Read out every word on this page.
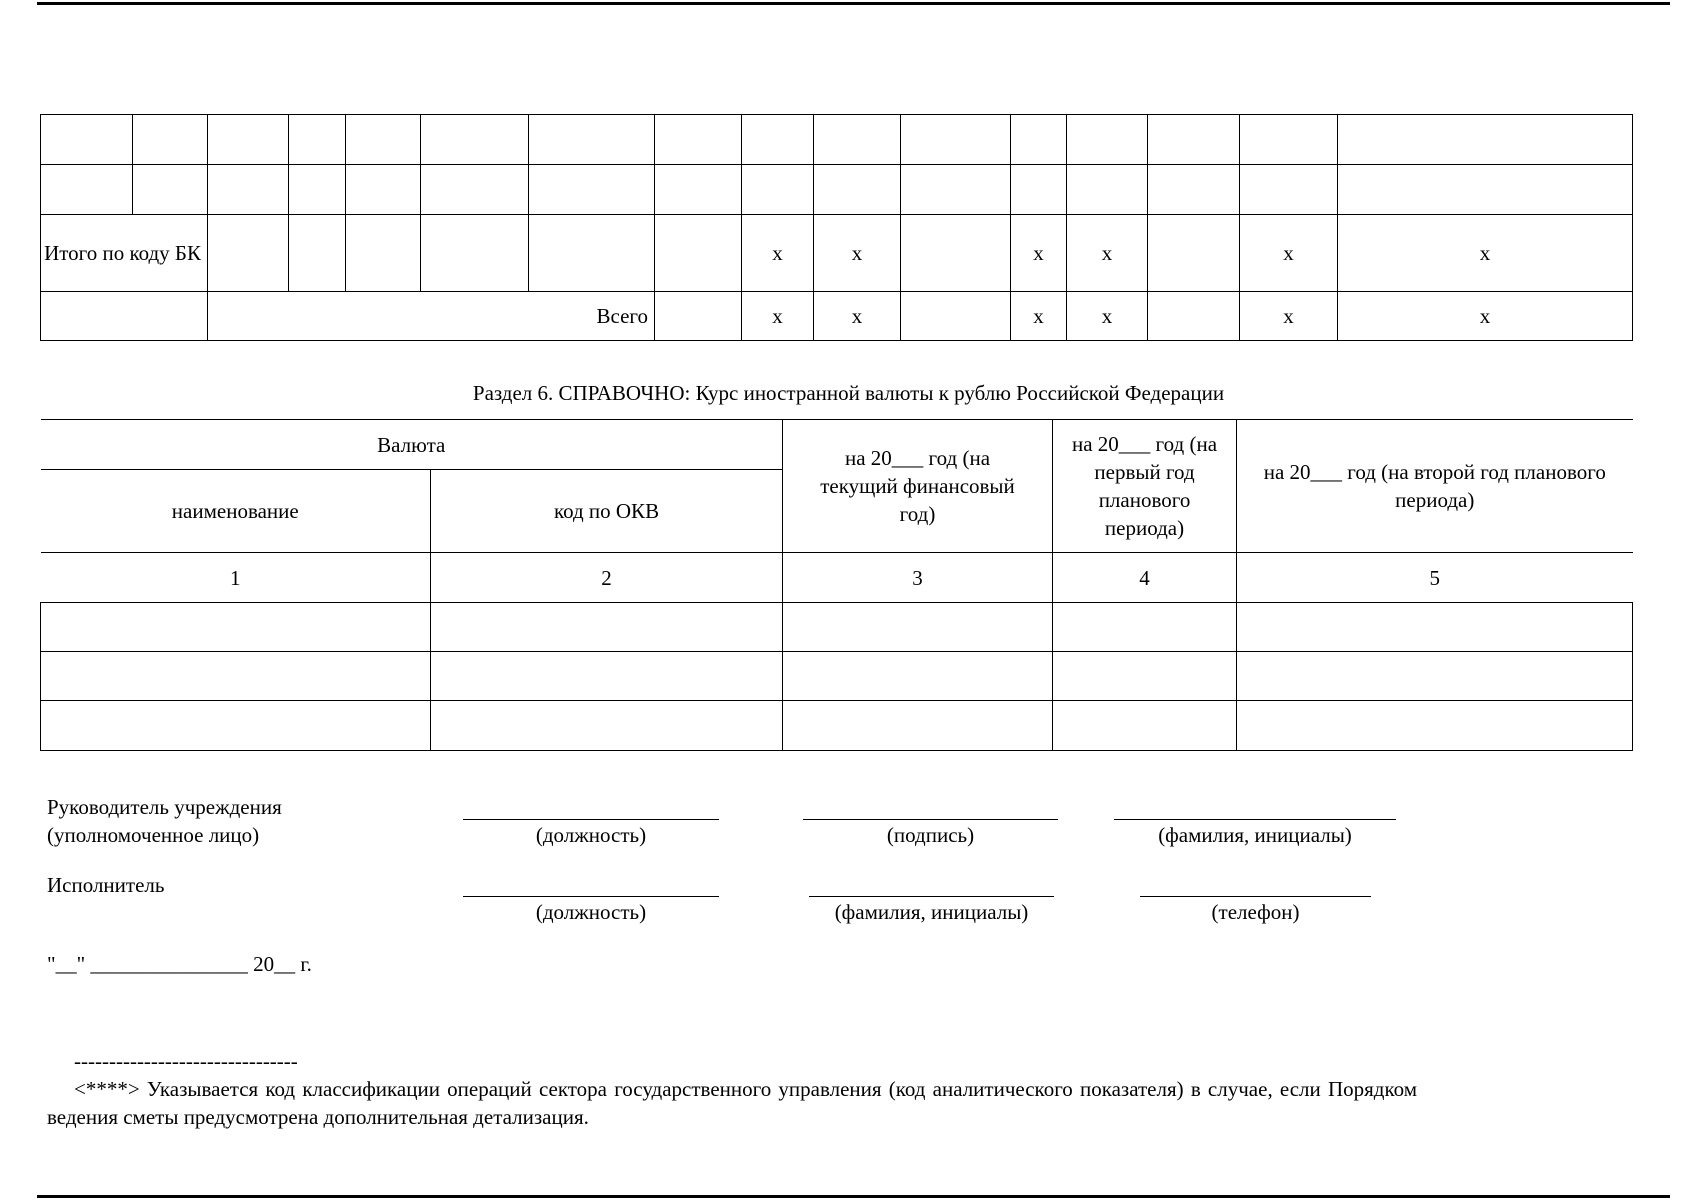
Итого по коду БК								x	x		x	x		x	x
		Всего						x	x		x	x		x	x
Раздел 6. СПРАВОЧНО: Курс иностранной валюты к рублю Российской Федерации
Валюта		на 20___ год (на текущий финансовый год)	на 20___ год (на первый год планового периода)	на 20___ год (на второй год планового периода)
наименование	код по ОКВ			
1	2	3	4	5

Руководитель учреждения
(уполномоченное лицо)	(должность)	(подпись)	(фамилия, инициалы)
Исполнитель
(должность)	(фамилия, инициалы)	(телефон)
"__" _______________ 20__ г.
--------------------------------
<****> Указывается код классификации операций сектора государственного управления (код аналитического показателя) в случае, если Порядком ведения сметы предусмотрена дополнительная детализация.
